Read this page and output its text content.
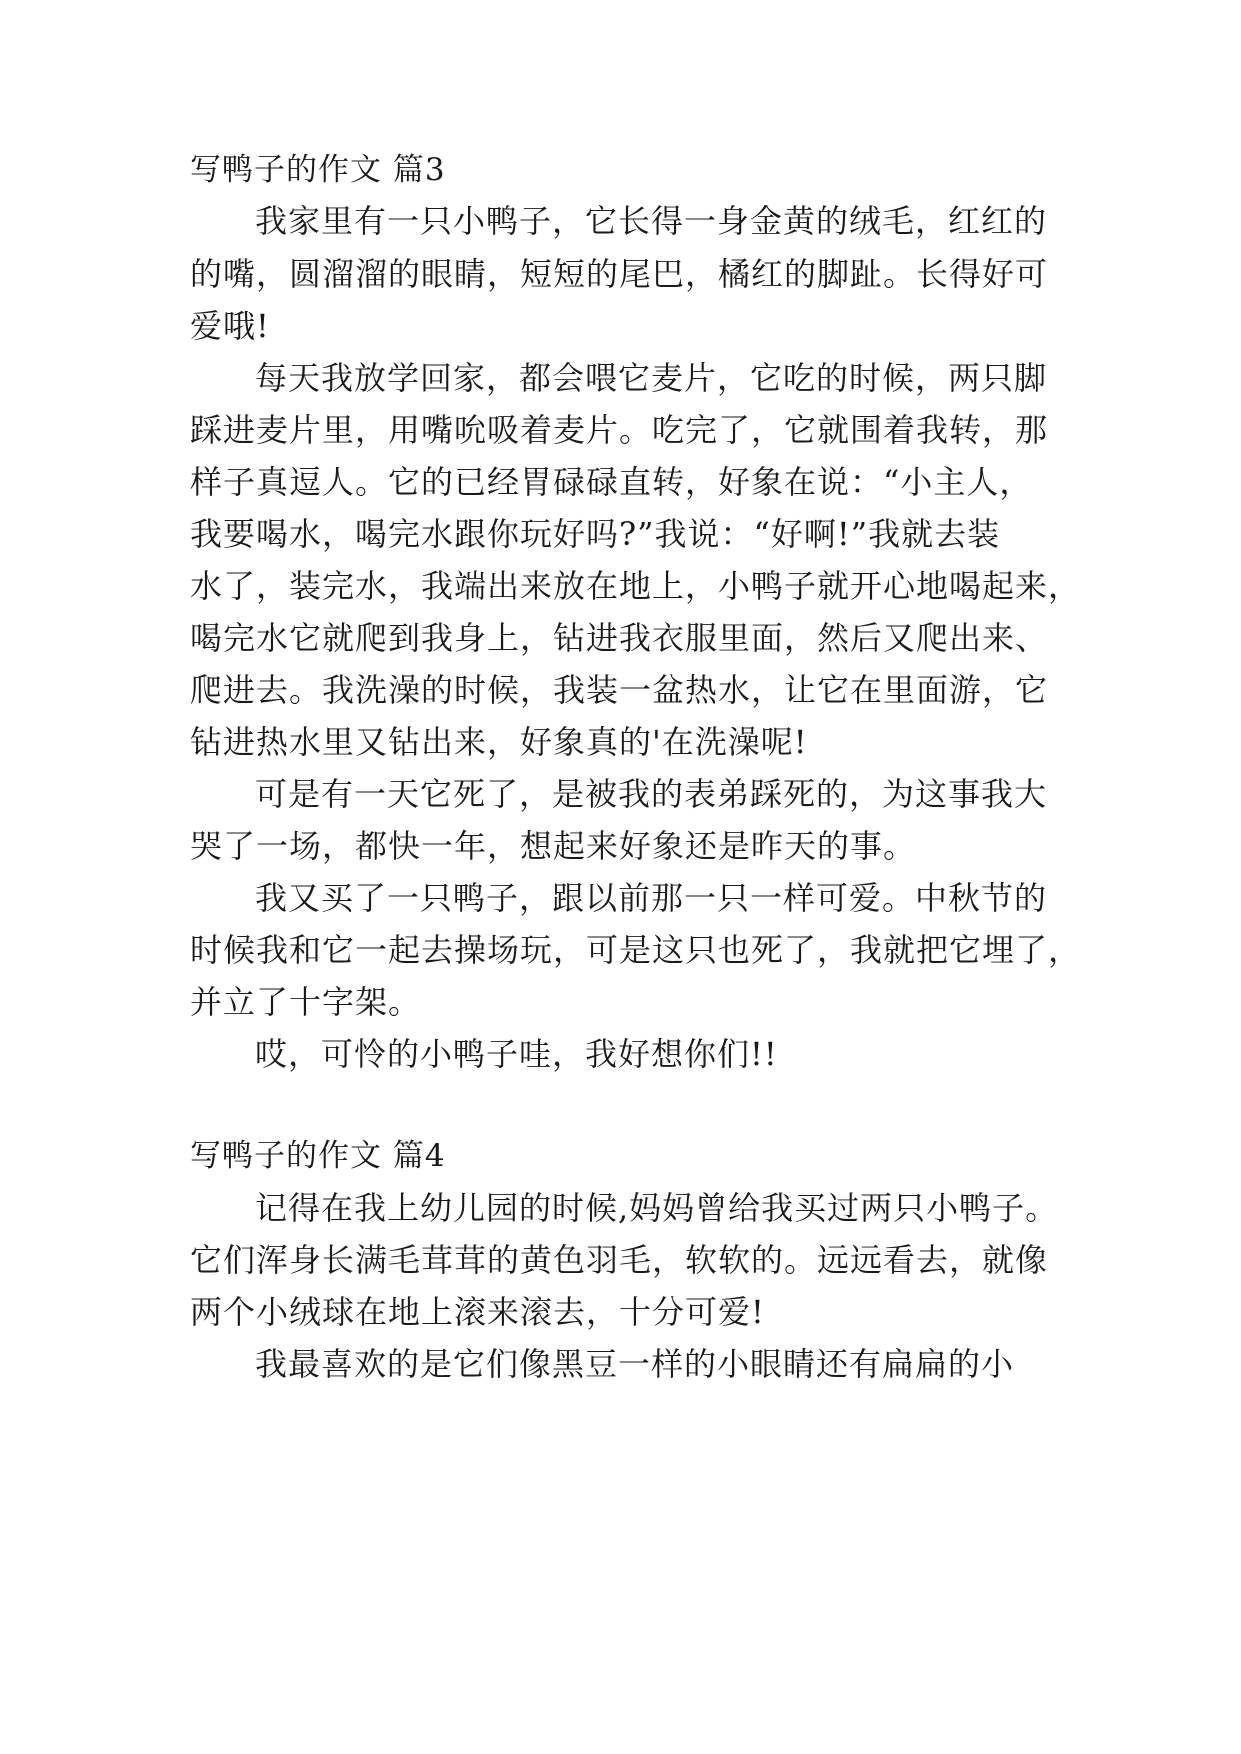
写鸭子的作文 篇3
我家里有一只小鸭子，它长得一身金黄的绒毛，红红的
的嘴，圆溜溜的眼睛，短短的尾巴，橘红的脚趾。长得好可
爱哦!
每天我放学回家，都会喂它麦片，它吃的时候，两只脚
踩进麦片里，用嘴吮吸着麦片。吃完了，它就围着我转，那
样子真逗人。它的已经胃碌碌直转，好象在说：“小主人，
我要喝水，喝完水跟你玩好吗?”我说：“好啊!”我就去装
水了，装完水，我端出来放在地上，小鸭子就开心地喝起来，
喝完水它就爬到我身上，钻进我衣服里面，然后又爬出来、
爬进去。我洗澡的时候，我装一盆热水，让它在里面游，它
钻进热水里又钻出来，好象真的'在洗澡呢!
可是有一天它死了，是被我的表弟踩死的，为这事我大
哭了一场，都快一年，想起来好象还是昨天的事。
我又买了一只鸭子，跟以前那一只一样可爱。中秋节的
时候我和它一起去操场玩，可是这只也死了，我就把它埋了，
并立了十字架。
哎，可怜的小鸭子哇，我好想你们!!
写鸭子的作文 篇4
记得在我上幼儿园的时候,妈妈曾给我买过两只小鸭子。
它们浑身长满毛茸茸的黄色羽毛，软软的。远远看去，就像
两个小绒球在地上滚来滚去，十分可爱!
我最喜欢的是它们像黑豆一样的小眼睛还有扁扁的小
